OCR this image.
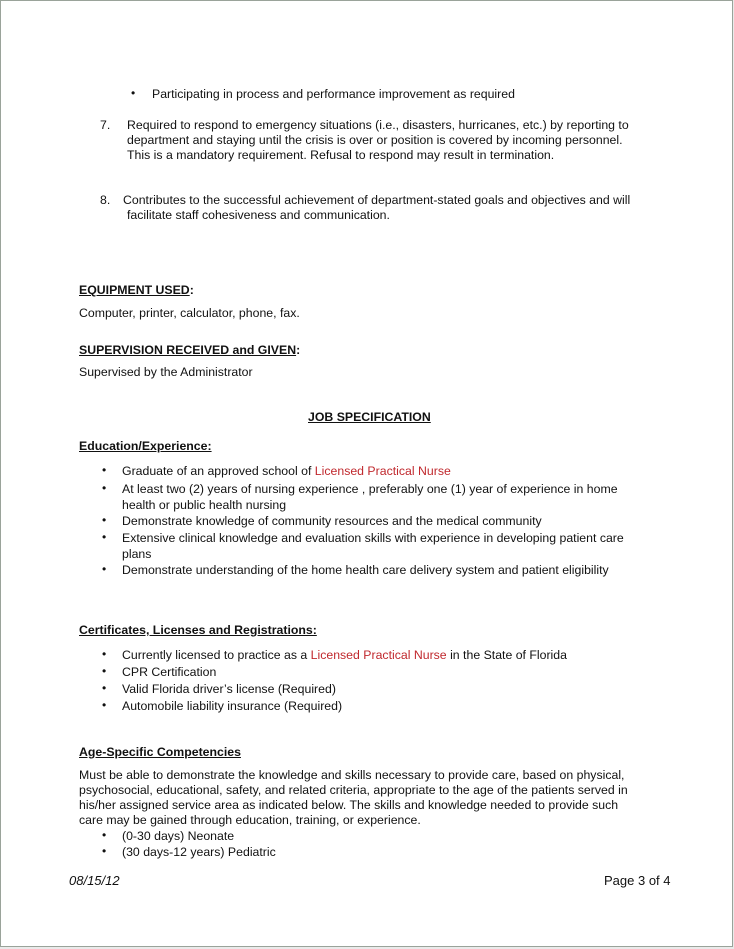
•
Participating in process and performance improvement as required
7. Required to respond to emergency situations (i.e., disasters, hurricanes, etc.) by reporting to
department and staying until the crisis is over or position is covered by incoming personnel.
This is a mandatory requirement. Refusal to respond may result in termination.
8. Contributes to the successful achievement of department-stated goals and objectives and will
facilitate staff cohesiveness and communication.
EQUIPMENT USED:
Computer, printer, calculator, phone, fax.
SUPERVISION RECEIVED and GIVEN:
Supervised by the Administrator
JOB SPECIFICATION
Education/Experience:
•
Graduate of an approved school of Licensed Practical Nurse
•
At least two (2) years of nursing experience , preferably one (1) year of experience in home
health or public health nursing
•
Demonstrate knowledge of community resources and the medical community
•
Extensive clinical knowledge and evaluation skills with experience in developing patient care
plans
•
Demonstrate understanding of the home health care delivery system and patient eligibility
Certificates, Licenses and Registrations:
•
Currently licensed to practice as a Licensed Practical Nurse in the State of Florida
•
CPR Certification
•
Valid Florida driver’s license (Required)
•
Automobile liability insurance (Required)
Age-Specific Competencies
Must be able to demonstrate the knowledge and skills necessary to provide care, based on physical,
psychosocial, educational, safety, and related criteria, appropriate to the age of the patients served in
his/her assigned service area as indicated below. The skills and knowledge needed to provide such
care may be gained through education, training, or experience.
•
(0-30 days) Neonate
•
(30 days-12 years) Pediatric
08/15/12	Page 3 of 4
